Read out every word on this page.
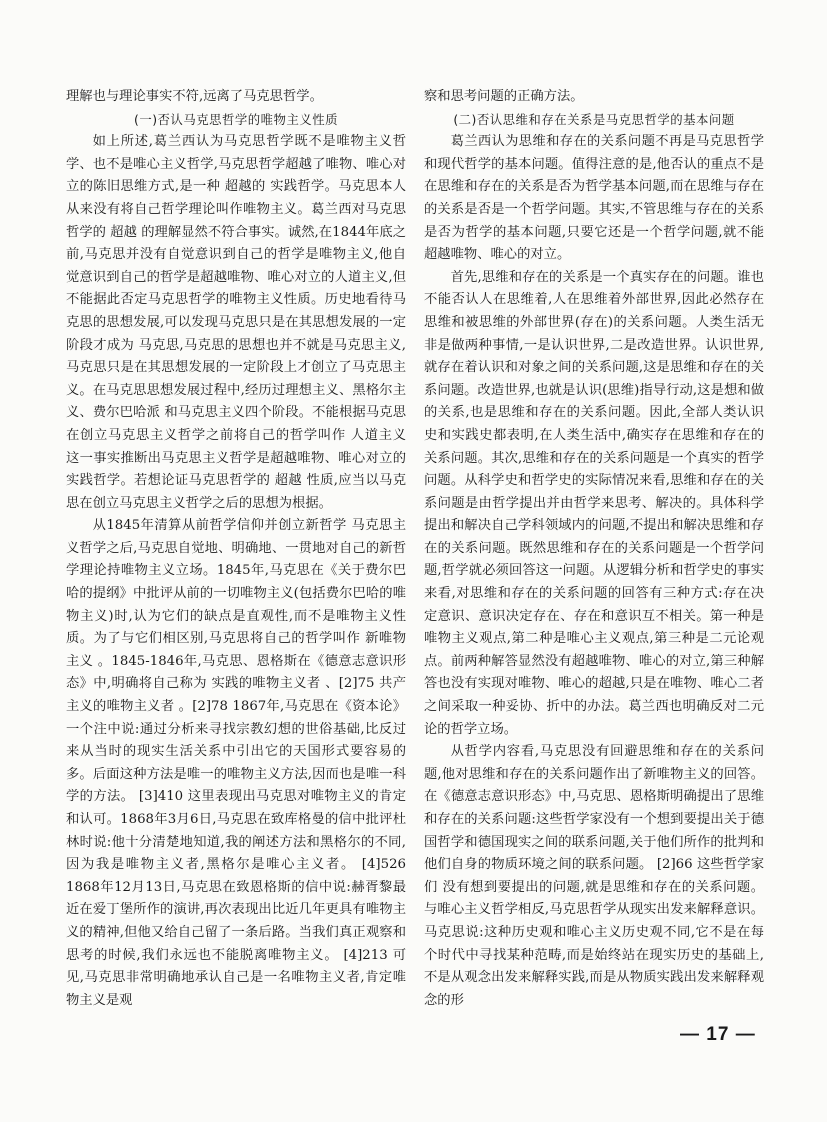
理解也与理论事实不符,远离了马克思哲学。

(一)否认马克思哲学的唯物主义性质

如上所述,葛兰西认为马克思哲学既不是唯物主义哲学、也不是唯心主义哲学,马克思哲学超越了唯物、唯心对立的陈旧思维方式,是一种 超越的 实践哲学。马克思本人从来没有将自己哲学理论叫作唯物主义。葛兰西对马克思哲学的 超越 的理解显然不符合事实。诚然,在1844年底之前,马克思并没有自觉意识到自己的哲学是唯物主义,他自觉意识到自己的哲学是超越唯物、唯心对立的人道主义,但不能据此否定马克思哲学的唯物主义性质。历史地看待马克思的思想发展,可以发现马克思只是在其思想发展的一定阶段才成为 马克思,马克思的思想也并不就是马克思主义,马克思只是在其思想发展的一定阶段上才创立了马克思主义。在马克思思想发展过程中,经历过理想主义、黑格尔主义、费尔巴哈派 和马克思主义四个阶段。不能根据马克思在创立马克思主义哲学之前将自己的哲学叫作 人道主义 这一事实推断出马克思主义哲学是超越唯物、唯心对立的实践哲学。若想论证马克思哲学的 超越 性质,应当以马克思在创立马克思主义哲学之后的思想为根据。

从1845年清算从前哲学信仰并创立新哲学 马克思主义哲学之后,马克思自觉地、明确地、一贯地对自己的新哲学理论持唯物主义立场。1845年,马克思在《关于费尔巴哈的提纲》中批评从前的一切唯物主义(包括费尔巴哈的唯物主义)时,认为它们的缺点是直观性,而不是唯物主义性质。为了与它们相区别,马克思将自己的哲学叫作 新唯物主义 。1845-1846年,马克思、恩格斯在《德意志意识形态》中,明确将自己称为 实践的唯物主义者 、[2]75 共产主义的唯物主义者 。[2]78 1867年,马克思在《资本论》一个注中说:通过分析来寻找宗教幻想的世俗基础,比反过来从当时的现实生活关系中引出它的天国形式要容易的多。后面这种方法是唯一的唯物主义方法,因而也是唯一科学的方法。 [3]410 这里表现出马克思对唯物主义的肯定和认可。1868年3月6日,马克思在致库格曼的信中批评杜林时说:他十分清楚地知道,我的阐述方法和黑格尔的不同,因为我是唯物主义者,黑格尔是唯心主义者。 [4]526 1868年12月13日,马克思在致恩格斯的信中说:赫胥黎最近在爱丁堡所作的演讲,再次表现出比近几年更具有唯物主义的精神,但他又给自己留了一条后路。当我们真正观察和思考的时候,我们永远也不能脱离唯物主义。 [4]213 可见,马克思非常明确地承认自己是一名唯物主义者,肯定唯物主义是观

察和思考问题的正确方法。

(二)否认思维和存在关系是马克思哲学的基本问题

葛兰西认为思维和存在的关系问题不再是马克思哲学和现代哲学的基本问题。值得注意的是,他否认的重点不是在思维和存在的关系是否为哲学基本问题,而在思维与存在的关系是否是一个哲学问题。其实,不管思维与存在的关系是否为哲学的基本问题,只要它还是一个哲学问题,就不能超越唯物、唯心的对立。

首先,思维和存在的关系是一个真实存在的问题。谁也不能否认人在思维着,人在思维着外部世界,因此必然存在思维和被思维的外部世界(存在)的关系问题。人类生活无非是做两种事情,一是认识世界,二是改造世界。认识世界,就存在着认识和对象之间的关系问题,这是思维和存在的关系问题。改造世界,也就是认识(思维)指导行动,这是想和做的关系,也是思维和存在的关系问题。因此,全部人类认识史和实践史都表明,在人类生活中,确实存在思维和存在的关系问题。其次,思维和存在的关系问题是一个真实的哲学问题。从科学史和哲学史的实际情况来看,思维和存在的关系问题是由哲学提出并由哲学来思考、解决的。具体科学提出和解决自己学科领域内的问题,不提出和解决思维和存在的关系问题。既然思维和存在的关系问题是一个哲学问题,哲学就必须回答这一问题。从逻辑分析和哲学史的事实来看,对思维和存在的关系问题的回答有三种方式:存在决定意识、意识决定存在、存在和意识互不相关。第一种是唯物主义观点,第二种是唯心主义观点,第三种是二元论观点。前两种解答显然没有超越唯物、唯心的对立,第三种解答也没有实现对唯物、唯心的超越,只是在唯物、唯心二者之间采取一种妥协、折中的办法。葛兰西也明确反对二元论的哲学立场。

从哲学内容看,马克思没有回避思维和存在的关系问题,他对思维和存在的关系问题作出了新唯物主义的回答。在《德意志意识形态》中,马克思、恩格斯明确提出了思维和存在的关系问题:这些哲学家没有一个想到要提出关于德国哲学和德国现实之间的联系问题,关于他们所作的批判和他们自身的物质环境之间的联系问题。 [2]66 这些哲学家们 没有想到要提出的问题,就是思维和存在的关系问题。与唯心主义哲学相反,马克思哲学从现实出发来解释意识。马克思说:这种历史观和唯心主义历史观不同,它不是在每个时代中寻找某种范畴,而是始终站在现实历史的基础上,不是从观念出发来解释实践,而是从物质实践出发来解释观念的形

— 17 —
